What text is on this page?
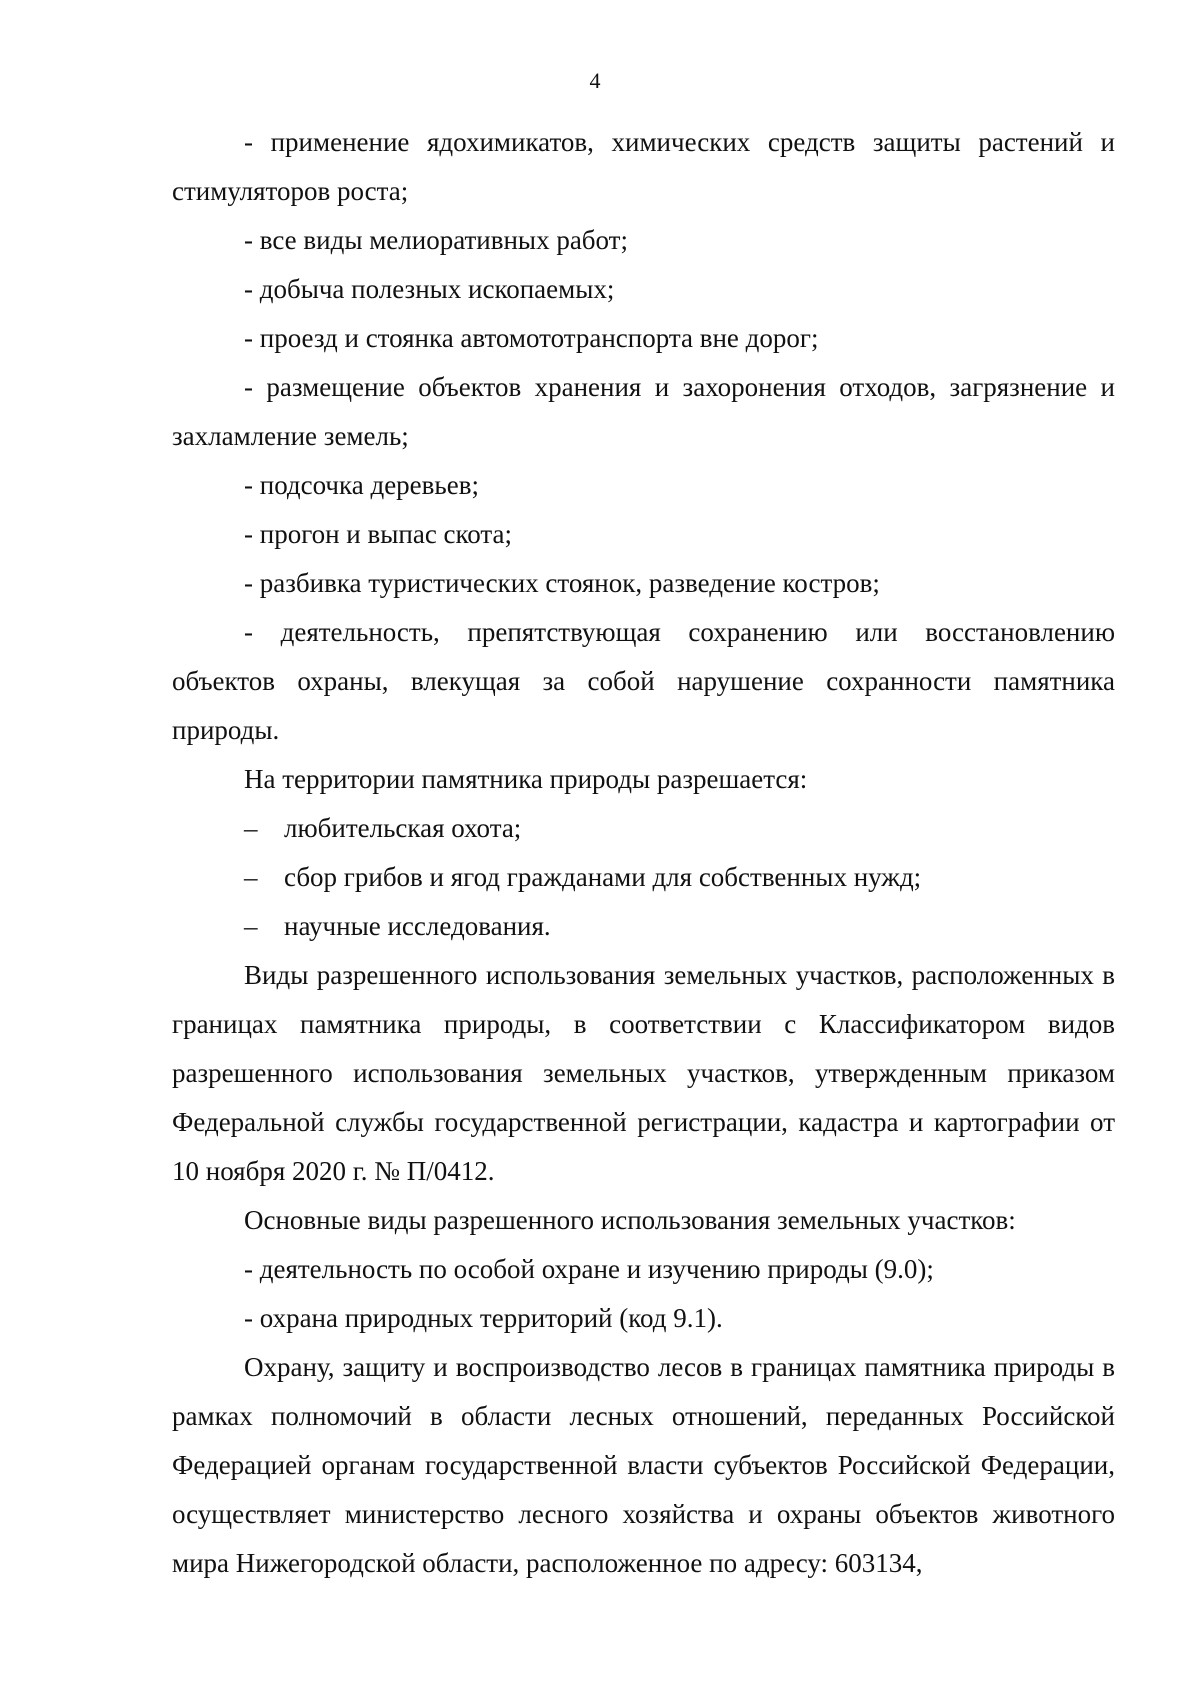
4

- применение ядохимикатов, химических средств защиты растений и стимуляторов роста;

- все виды мелиоративных работ;

- добыча полезных ископаемых;

- проезд и стоянка автомототранспорта вне дорог;

- размещение объектов хранения и захоронения отходов, загрязнение и захламление земель;

- подсочка деревьев;

- прогон и выпас скота;

- разбивка туристических стоянок, разведение костров;

- деятельность, препятствующая сохранению или восстановлению объектов охраны, влекущая за собой нарушение сохранности памятника природы.

На территории памятника природы разрешается:

– любительская охота;
– сбор грибов и ягод гражданами для собственных нужд;
– научные исследования.

Виды разрешенного использования земельных участков, расположенных в границах памятника природы, в соответствии с Классификатором видов разрешенного использования земельных участков, утвержденным приказом Федеральной службы государственной регистрации, кадастра и картографии от 10 ноября 2020 г. № П/0412.

Основные виды разрешенного использования земельных участков:

- деятельность по особой охране и изучению природы (9.0);

- охрана природных территорий (код 9.1).

Охрану, защиту и воспроизводство лесов в границах памятника природы в рамках полномочий в области лесных отношений, переданных Российской Федерацией органам государственной власти субъектов Российской Федерации, осуществляет министерство лесного хозяйства и охраны объектов животного мира Нижегородской области, расположенное по адресу: 603134,
